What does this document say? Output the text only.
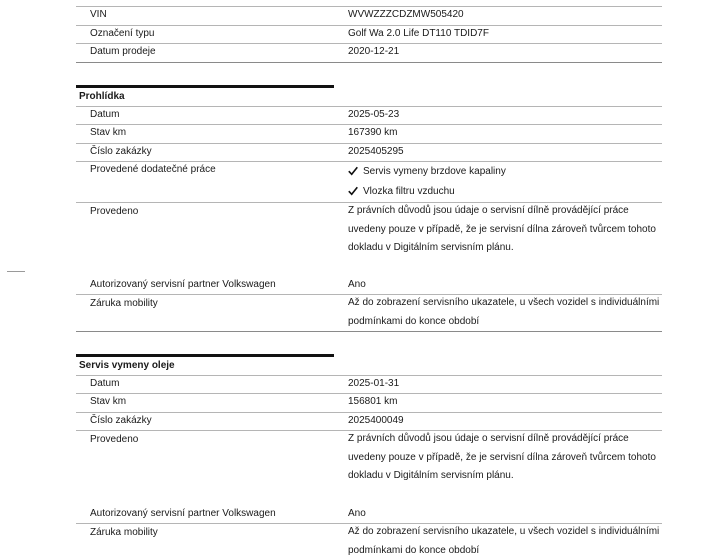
VIN	WVWZZZCDZMW505420
Označení typu	Golf Wa 2.0 Life DT110 TDID7F
Datum prodeje	2020-12-21
Prohlídka
Datum	2025-05-23
Stav km	167390 km
Číslo zakázky	2025405295
Provedené dodatečné práce	Servis vymeny brzdove kapaliny
Vlozka filtru vzduchu
Provedeno	Z právních důvodů jsou údaje o servisní dílně provádějící práce uvedeny pouze v případě, že je servisní dílna zároveň tvůrcem tohoto dokladu v Digitálním servisním plánu.
Autorizovaný servisní partner Volkswagen	Ano
Záruka mobility	Až do zobrazení servisního ukazatele, u všech vozidel s individuálními podmínkami do konce období
Servis vymeny oleje
Datum	2025-01-31
Stav km	156801 km
Číslo zakázky	2025400049
Provedeno	Z právních důvodů jsou údaje o servisní dílně provádějící práce uvedeny pouze v případě, že je servisní dílna zároveň tvůrcem tohoto dokladu v Digitálním servisním plánu.
Autorizovaný servisní partner Volkswagen	Ano
Záruka mobility	Až do zobrazení servisního ukazatele, u všech vozidel s individuálními podmínkami do konce období
